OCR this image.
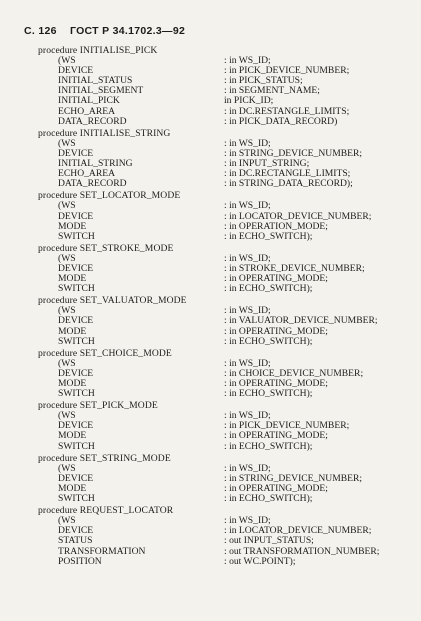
С. 126 ГОСТ Р 34.1702.3—92
procedure INITIALISE_PICK
(WS	: in WS_ID;
DEVICE	: in PICK_DEVICE_NUMBER;
INITIAL_STATUS	: in PICK_STATUS;
INITIAL_SEGMENT	: in SEGMENT_NAME;
INITIAL_PICK	in PICK_ID;
ECHO_AREA	: in DC.RESTANGLE_LIMITS;
DATA_RECORD	: in PICK_DATA_RECORD)
procedure INITIALISE_STRING
(WS	: in WS_ID;
DEVICE	: in STRING_DEVICE_NUMBER;
INITIAL_STRING	: in INPUT_STRING;
ECHO_AREA	: in DC.RECTANGLE_LIMITS;
DATA_RECORD	: in STRING_DATA_RECORD);
procedure SET_LOCATOR_MODE
(WS	: in WS_ID;
DEVICE	: in LOCATOR_DEVICE_NUMBER;
MODE	: in OPERATION_MODE;
SWITCH	: in ECHO_SWITCH);
procedure SET_STROKE_MODE
(WS	: in WS_ID;
DEVICE	: in STROKE_DEVICE_NUMBER;
MODE	: in OPERATING_MODE;
SWITCH	: in ECHO_SWITCH);
procedure SET_VALUATOR_MODE
(WS	: in WS_ID;
DEVICE	: in VALUATOR_DEVICE_NUMBER;
MODE	: in OPERATING_MODE;
SWITCH	: in ECHO_SWITCH);
procedure SET_CHOICE_MODE
(WS	: in WS_ID;
DEVICE	: in CHOICE_DEVICE_NUMBER;
MODE	: in OPERATING_MODE;
SWITCH	: in ECHO_SWITCH);
procedure SET_PICK_MODE
(WS	: in WS_ID;
DEVICE	: in PICK_DEVICE_NUMBER;
MODE	: in OPERATING_MODE;
SWITCH	: in ECHO_SWITCH);
procedure SET_STRING_MODE
(WS	: in WS_ID;
DEVICE	: in STRING_DEVICE_NUMBER;
MODE	: in OPERATING_MODE;
SWITCH	: in ECHO_SWITCH);
procedure REQUEST_LOCATOR
(WS	: in WS_ID;
DEVICE	: in LOCATOR_DEVICE_NUMBER;
STATUS	: out INPUT_STATUS;
TRANSFORMATION	: out TRANSFORMATION_NUMBER;
POSITION	: out WC.POINT);
